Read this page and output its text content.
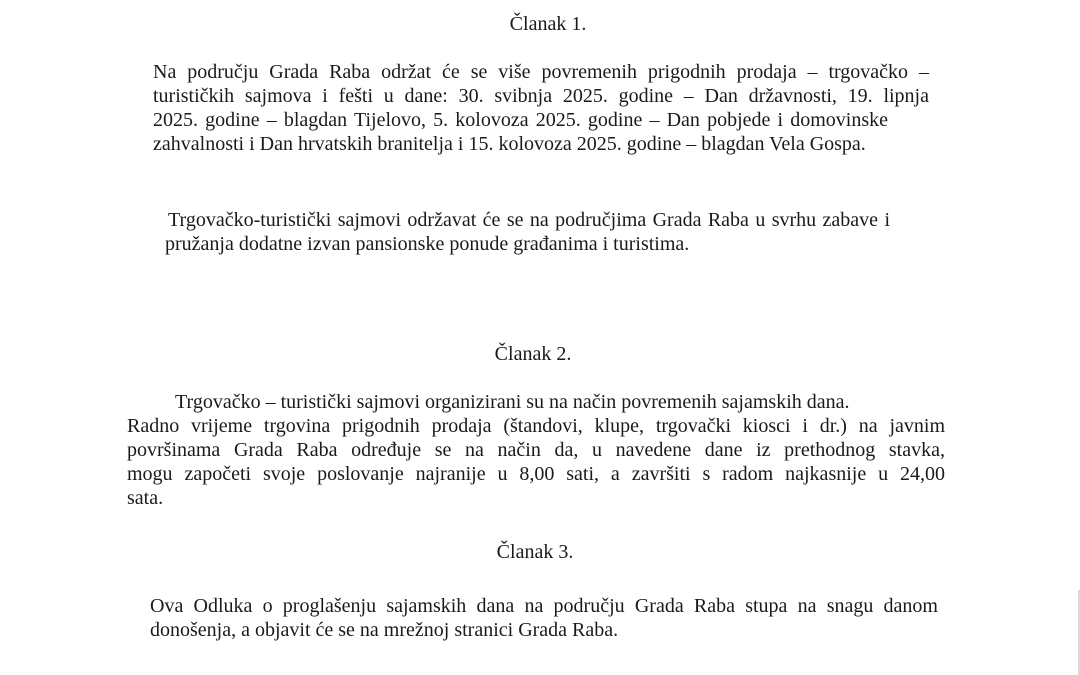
Članak 1.
Na području Grada Raba održat će se više povremenih prigodnih prodaja – trgovačko –
turističkih sajmova i fešti u dane: 30. svibnja 2025. godine – Dan državnosti, 19. lipnja
2025. godine – blagdan Tijelovo, 5. kolovoza 2025. godine – Dan pobjede i domovinske
zahvalnosti i Dan hrvatskih branitelja i 15. kolovoza 2025. godine – blagdan Vela Gospa.
Trgovačko-turistički sajmovi održavat će se na područjima Grada Raba u svrhu zabave i
pružanja dodatne izvan pansionske ponude građanima i turistima.
Članak 2.
Trgovačko – turistički sajmovi organizirani su na način povremenih sajamskih dana.
Radno vrijeme trgovina prigodnih prodaja (štandovi, klupe, trgovački kiosci i dr.) na javnim
površinama Grada Raba određuje se na način da, u navedene dane iz prethodnog stavka,
mogu započeti svoje poslovanje najranije u 8,00 sati, a završiti s radom najkasnije u 24,00
sata.
Članak 3.
Ova Odluka o proglašenju sajamskih dana na području Grada Raba stupa na snagu danom
donošenja, a objavit će se na mrežnoj stranici Grada Raba.
